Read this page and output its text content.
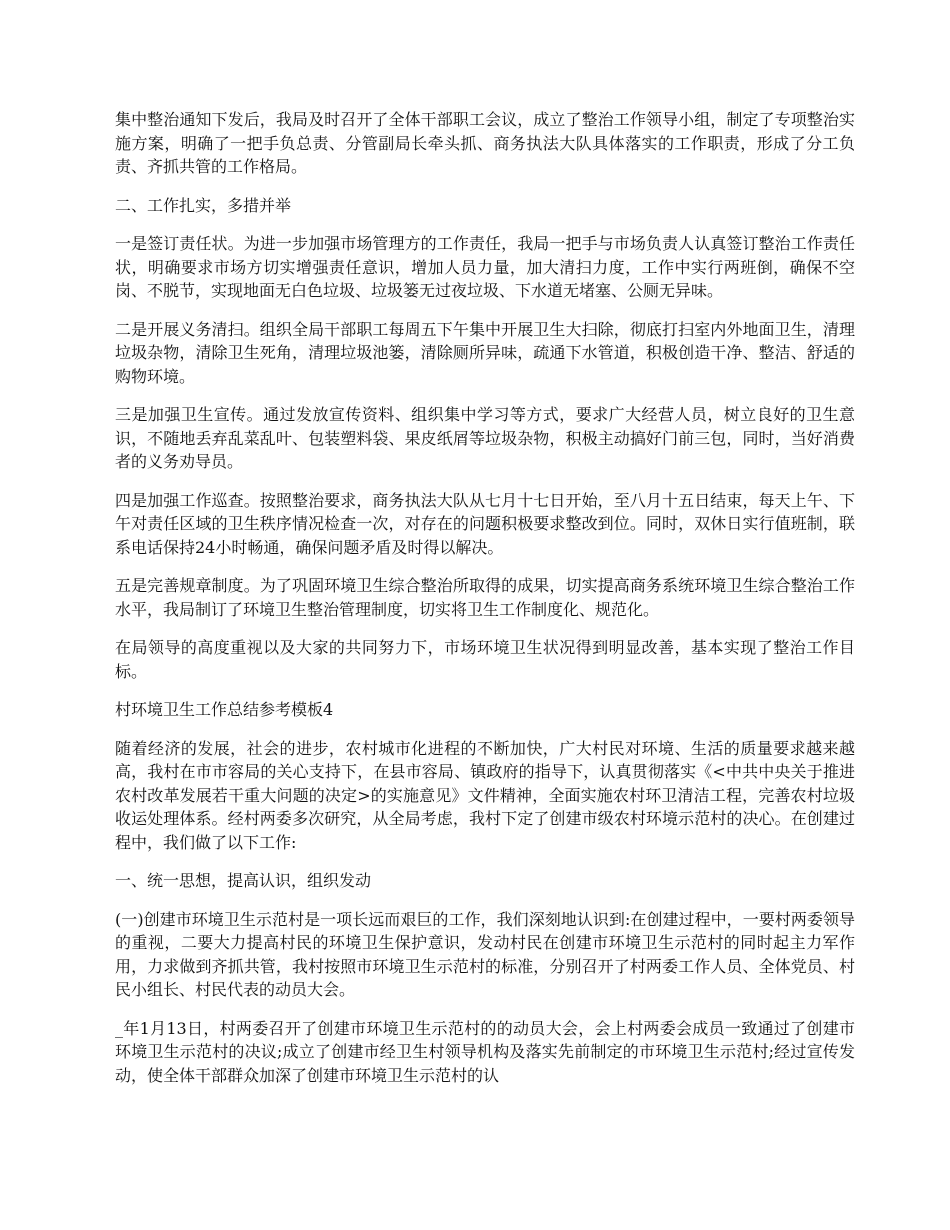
集中整治通知下发后，我局及时召开了全体干部职工会议，成立了整治工作领导小组，制定了专项整治实施方案，明确了一把手负总责、分管副局长牵头抓、商务执法大队具体落实的工作职责，形成了分工负责、齐抓共管的工作格局。

二、工作扎实，多措并举

一是签订责任状。为进一步加强市场管理方的工作责任，我局一把手与市场负责人认真签订整治工作责任状，明确要求市场方切实增强责任意识，增加人员力量，加大清扫力度，工作中实行两班倒，确保不空岗、不脱节，实现地面无白色垃圾、垃圾篓无过夜垃圾、下水道无堵塞、公厕无异味。

二是开展义务清扫。组织全局干部职工每周五下午集中开展卫生大扫除，彻底打扫室内外地面卫生，清理垃圾杂物，清除卫生死角，清理垃圾池篓，清除厕所异味，疏通下水管道，积极创造干净、整洁、舒适的购物环境。

三是加强卫生宣传。通过发放宣传资料、组织集中学习等方式，要求广大经营人员，树立良好的卫生意识，不随地丢弃乱菜乱叶、包装塑料袋、果皮纸屑等垃圾杂物，积极主动搞好门前三包，同时，当好消费者的义务劝导员。

四是加强工作巡查。按照整治要求，商务执法大队从七月十七日开始，至八月十五日结束，每天上午、下午对责任区域的卫生秩序情况检查一次，对存在的问题积极要求整改到位。同时，双休日实行值班制，联系电话保持24小时畅通，确保问题矛盾及时得以解决。

五是完善规章制度。为了巩固环境卫生综合整治所取得的成果，切实提高商务系统环境卫生综合整治工作水平，我局制订了环境卫生整治管理制度，切实将卫生工作制度化、规范化。

在局领导的高度重视以及大家的共同努力下，市场环境卫生状况得到明显改善，基本实现了整治工作目标。

村环境卫生工作总结参考模板4

随着经济的发展，社会的进步，农村城市化进程的不断加快，广大村民对环境、生活的质量要求越来越高，我村在市市容局的关心支持下，在县市容局、镇政府的指导下，认真贯彻落实《<中共中央关于推进农村改革发展若干重大问题的决定>的实施意见》文件精神，全面实施农村环卫清洁工程，完善农村垃圾收运处理体系。经村两委多次研究，从全局考虑，我村下定了创建市级农村环境示范村的决心。在创建过程中，我们做了以下工作:

一、统一思想，提高认识，组织发动

(一)创建市环境卫生示范村是一项长远而艰巨的工作，我们深刻地认识到:在创建过程中，一要村两委领导的重视，二要大力提高村民的环境卫生保护意识，发动村民在创建市环境卫生示范村的同时起主力军作用，力求做到齐抓共管，我村按照市环境卫生示范村的标准，分别召开了村两委工作人员、全体党员、村民小组长、村民代表的动员大会。

_年1月13日，村两委召开了创建市环境卫生示范村的的动员大会，会上村两委会成员一致通过了创建市环境卫生示范村的决议;成立了创建市经卫生村领导机构及落实先前制定的市环境卫生示范村;经过宣传发动，使全体干部群众加深了创建市环境卫生示范村的认
